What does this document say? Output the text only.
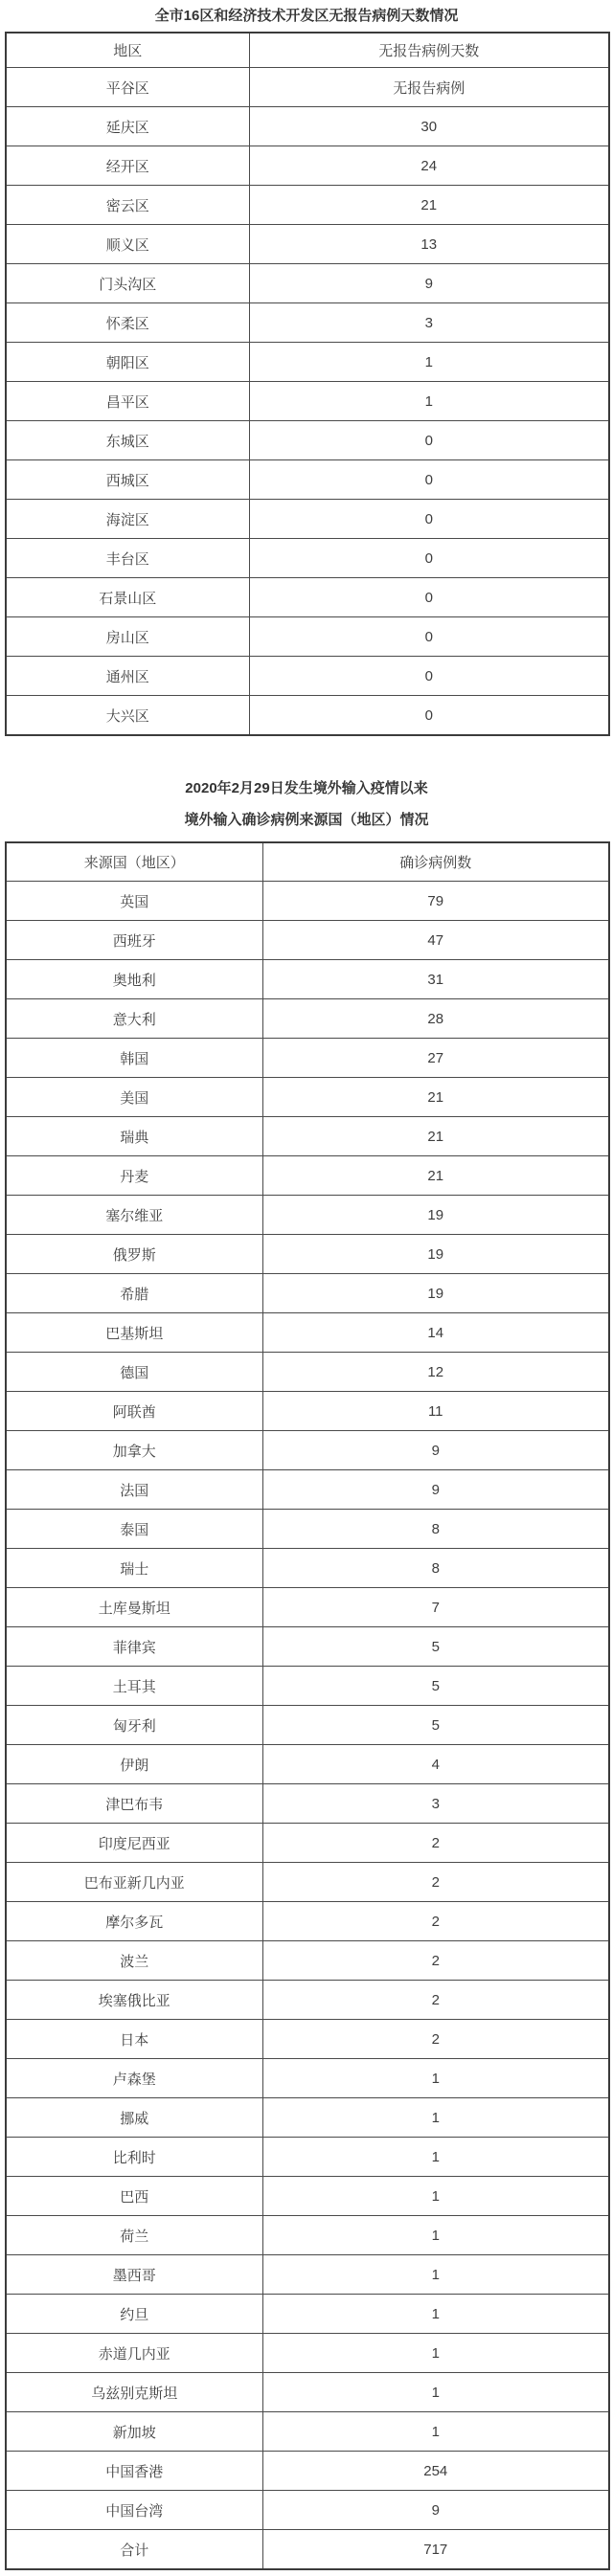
全市16区和经济技术开发区无报告病例天数情况
地区	无报告病例天数
平谷区	无报告病例
延庆区	30
经开区	24
密云区	21
顺义区	13
门头沟区	9
怀柔区	3
朝阳区	1
昌平区	1
东城区	0
西城区	0
海淀区	0
丰台区	0
石景山区	0
房山区	0
通州区	0
大兴区	0
2020年2月29日发生境外输入疫情以来
境外输入确诊病例来源国（地区）情况
来源国（地区）	确诊病例数
英国	79
西班牙	47
奥地利	31
意大利	28
韩国	27
美国	21
瑞典	21
丹麦	21
塞尔维亚	19
俄罗斯	19
希腊	19
巴基斯坦	14
德国	12
阿联酋	11
加拿大	9
法国	9
泰国	8
瑞士	8
土库曼斯坦	7
菲律宾	5
土耳其	5
匈牙利	5
伊朗	4
津巴布韦	3
印度尼西亚	2
巴布亚新几内亚	2
摩尔多瓦	2
波兰	2
埃塞俄比亚	2
日本	2
卢森堡	1
挪威	1
比利时	1
巴西	1
荷兰	1
墨西哥	1
约旦	1
赤道几内亚	1
乌兹别克斯坦	1
新加坡	1
中国香港	254
中国台湾	9
合计	717
